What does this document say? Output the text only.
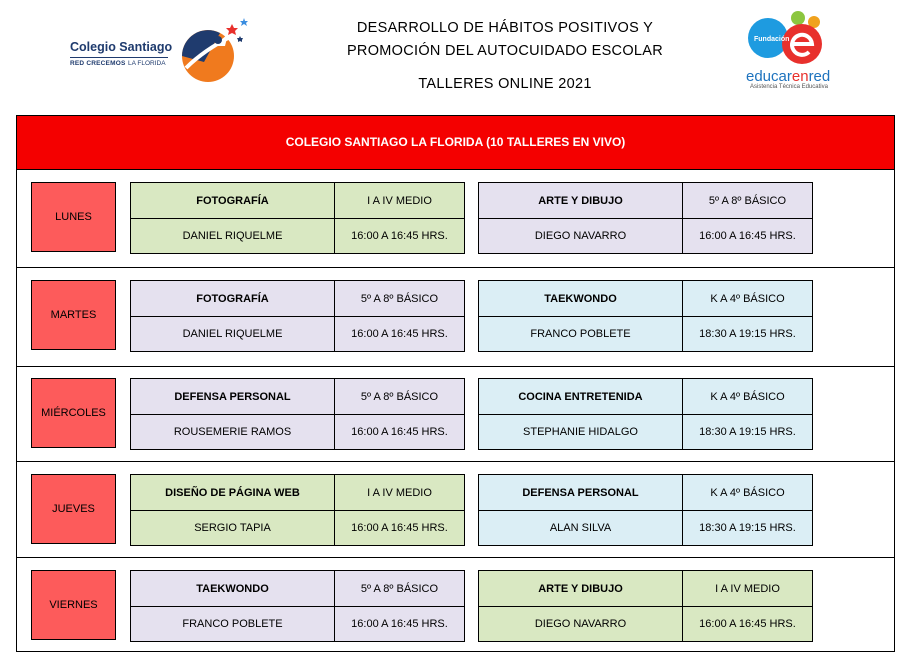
Colegio Santiago
RED CRECEMOS LA FLORIDA
DESARROLLO DE HÁBITOS POSITIVOS Y
PROMOCIÓN DEL AUTOCUIDADO ESCOLAR
TALLERES ONLINE 2021
Fundación
educarenred
Asistencia Técnica Educativa
COLEGIO SANTIAGO LA FLORIDA (10 TALLERES EN VIVO)
LUNES
FOTOGRAFÍA	I A IV MEDIO
DANIEL RIQUELME	16:00 A 16:45 HRS.
ARTE Y DIBUJO	5º A 8º BÁSICO
DIEGO NAVARRO	16:00 A 16:45 HRS.
MARTES
FOTOGRAFÍA	5º A 8º BÁSICO
DANIEL RIQUELME	16:00 A 16:45 HRS.
TAEKWONDO	K A 4º BÁSICO
FRANCO POBLETE	18:30 A 19:15 HRS.
MIÉRCOLES
DEFENSA PERSONAL	5º A 8º BÁSICO
ROUSEMERIE RAMOS	16:00 A 16:45 HRS.
COCINA ENTRETENIDA	K A 4º BÁSICO
STEPHANIE HIDALGO	18:30 A 19:15 HRS.
JUEVES
DISEÑO DE PÁGINA WEB	I A IV MEDIO
SERGIO TAPIA	16:00 A 16:45 HRS.
DEFENSA PERSONAL	K A 4º BÁSICO
ALAN SILVA	18:30 A 19:15 HRS.
VIERNES
TAEKWONDO	5º A 8º BÁSICO
FRANCO POBLETE	16:00 A 16:45 HRS.
ARTE Y DIBUJO	I A IV MEDIO
DIEGO NAVARRO	16:00 A 16:45 HRS.
